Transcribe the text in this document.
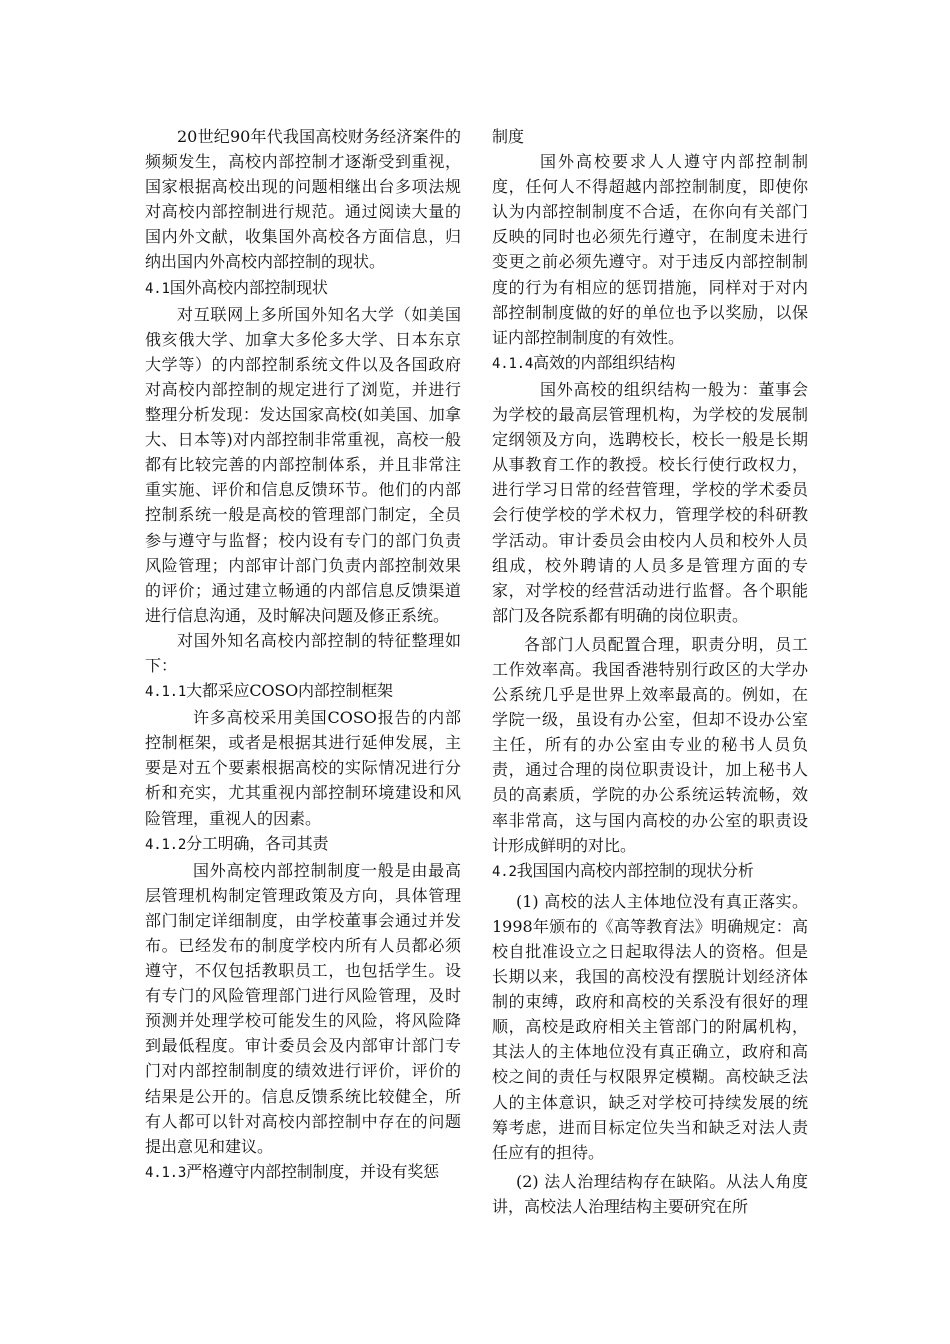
20世纪90年代我国高校财务经济案件的频频发生，高校内部控制才逐渐受到重视，国家根据高校出现的问题相继出台多项法规对高校内部控制进行规范。通过阅读大量的国内外文献，收集国外高校各方面信息，归纳出国内外高校内部控制的现状。

4.1国外高校内部控制现状

对互联网上多所国外知名大学（如美国俄亥俄大学、加拿大多伦多大学、日本东京大学等）的内部控制系统文件以及各国政府对高校内部控制的规定进行了浏览，并进行整理分析发现：发达国家高校(如美国、加拿大、日本等)对内部控制非常重视，高校一般都有比较完善的内部控制体系，并且非常注重实施、评价和信息反馈环节。他们的内部控制系统一般是高校的管理部门制定，全员参与遵守与监督；校内设有专门的部门负责风险管理；内部审计部门负责内部控制效果的评价；通过建立畅通的内部信息反馈渠道进行信息沟通，及时解决问题及修正系统。

对国外知名高校内部控制的特征整理如下：

4.1.1大都采应COSO内部控制框架

许多高校采用美国COSO报告的内部控制框架，或者是根据其进行延伸发展，主要是对五个要素根据高校的实际情况进行分析和充实，尤其重视内部控制环境建设和风险管理，重视人的因素。

4.1.2分工明确，各司其责

国外高校内部控制制度一般是由最高层管理机构制定管理政策及方向，具体管理部门制定详细制度，由学校董事会通过并发布。已经发布的制度学校内所有人员都必须遵守，不仅包括教职员工，也包括学生。设有专门的风险管理部门进行风险管理，及时预测并处理学校可能发生的风险，将风险降到最低程度。审计委员会及内部审计部门专门对内部控制制度的绩效进行评价，评价的结果是公开的。信息反馈系统比较健全，所有人都可以针对高校内部控制中存在的问题提出意见和建议。

4.1.3严格遵守内部控制制度，并设有奖惩

制度

国外高校要求人人遵守内部控制制度，任何人不得超越内部控制制度，即使你认为内部控制制度不合适，在你向有关部门反映的同时也必须先行遵守，在制度未进行变更之前必须先遵守。对于违反内部控制制度的行为有相应的惩罚措施，同样对于对内部控制制度做的好的单位也予以奖励，以保证内部控制制度的有效性。

4.1.4高效的内部组织结构

国外高校的组织结构一般为：董事会为学校的最高层管理机构，为学校的发展制定纲领及方向，选聘校长，校长一般是长期从事教育工作的教授。校长行使行政权力，进行学习日常的经营管理，学校的学术委员会行使学校的学术权力，管理学校的科研教学活动。审计委员会由校内人员和校外人员组成，校外聘请的人员多是管理方面的专家，对学校的经营活动进行监督。各个职能部门及各院系都有明确的岗位职责。

各部门人员配置合理，职责分明，员工工作效率高。我国香港特别行政区的大学办公系统几乎是世界上效率最高的。例如，在学院一级，虽设有办公室，但却不设办公室主任，所有的办公室由专业的秘书人员负责，通过合理的岗位职责设计，加上秘书人员的高素质，学院的办公系统运转流畅，效率非常高，这与国内高校的办公室的职责设计形成鲜明的对比。

4.2我国国内高校内部控制的现状分析

(1) 高校的法人主体地位没有真正落实。1998年颁布的《高等教育法》明确规定：高校自批准设立之日起取得法人的资格。但是长期以来，我国的高校没有摆脱计划经济体制的束缚，政府和高校的关系没有很好的理顺，高校是政府相关主管部门的附属机构，其法人的主体地位没有真正确立，政府和高校之间的责任与权限界定模糊。高校缺乏法人的主体意识，缺乏对学校可持续发展的统筹考虑，进而目标定位失当和缺乏对法人责任应有的担待。

(2) 法人治理结构存在缺陷。从法人角度讲，高校法人治理结构主要研究在所
